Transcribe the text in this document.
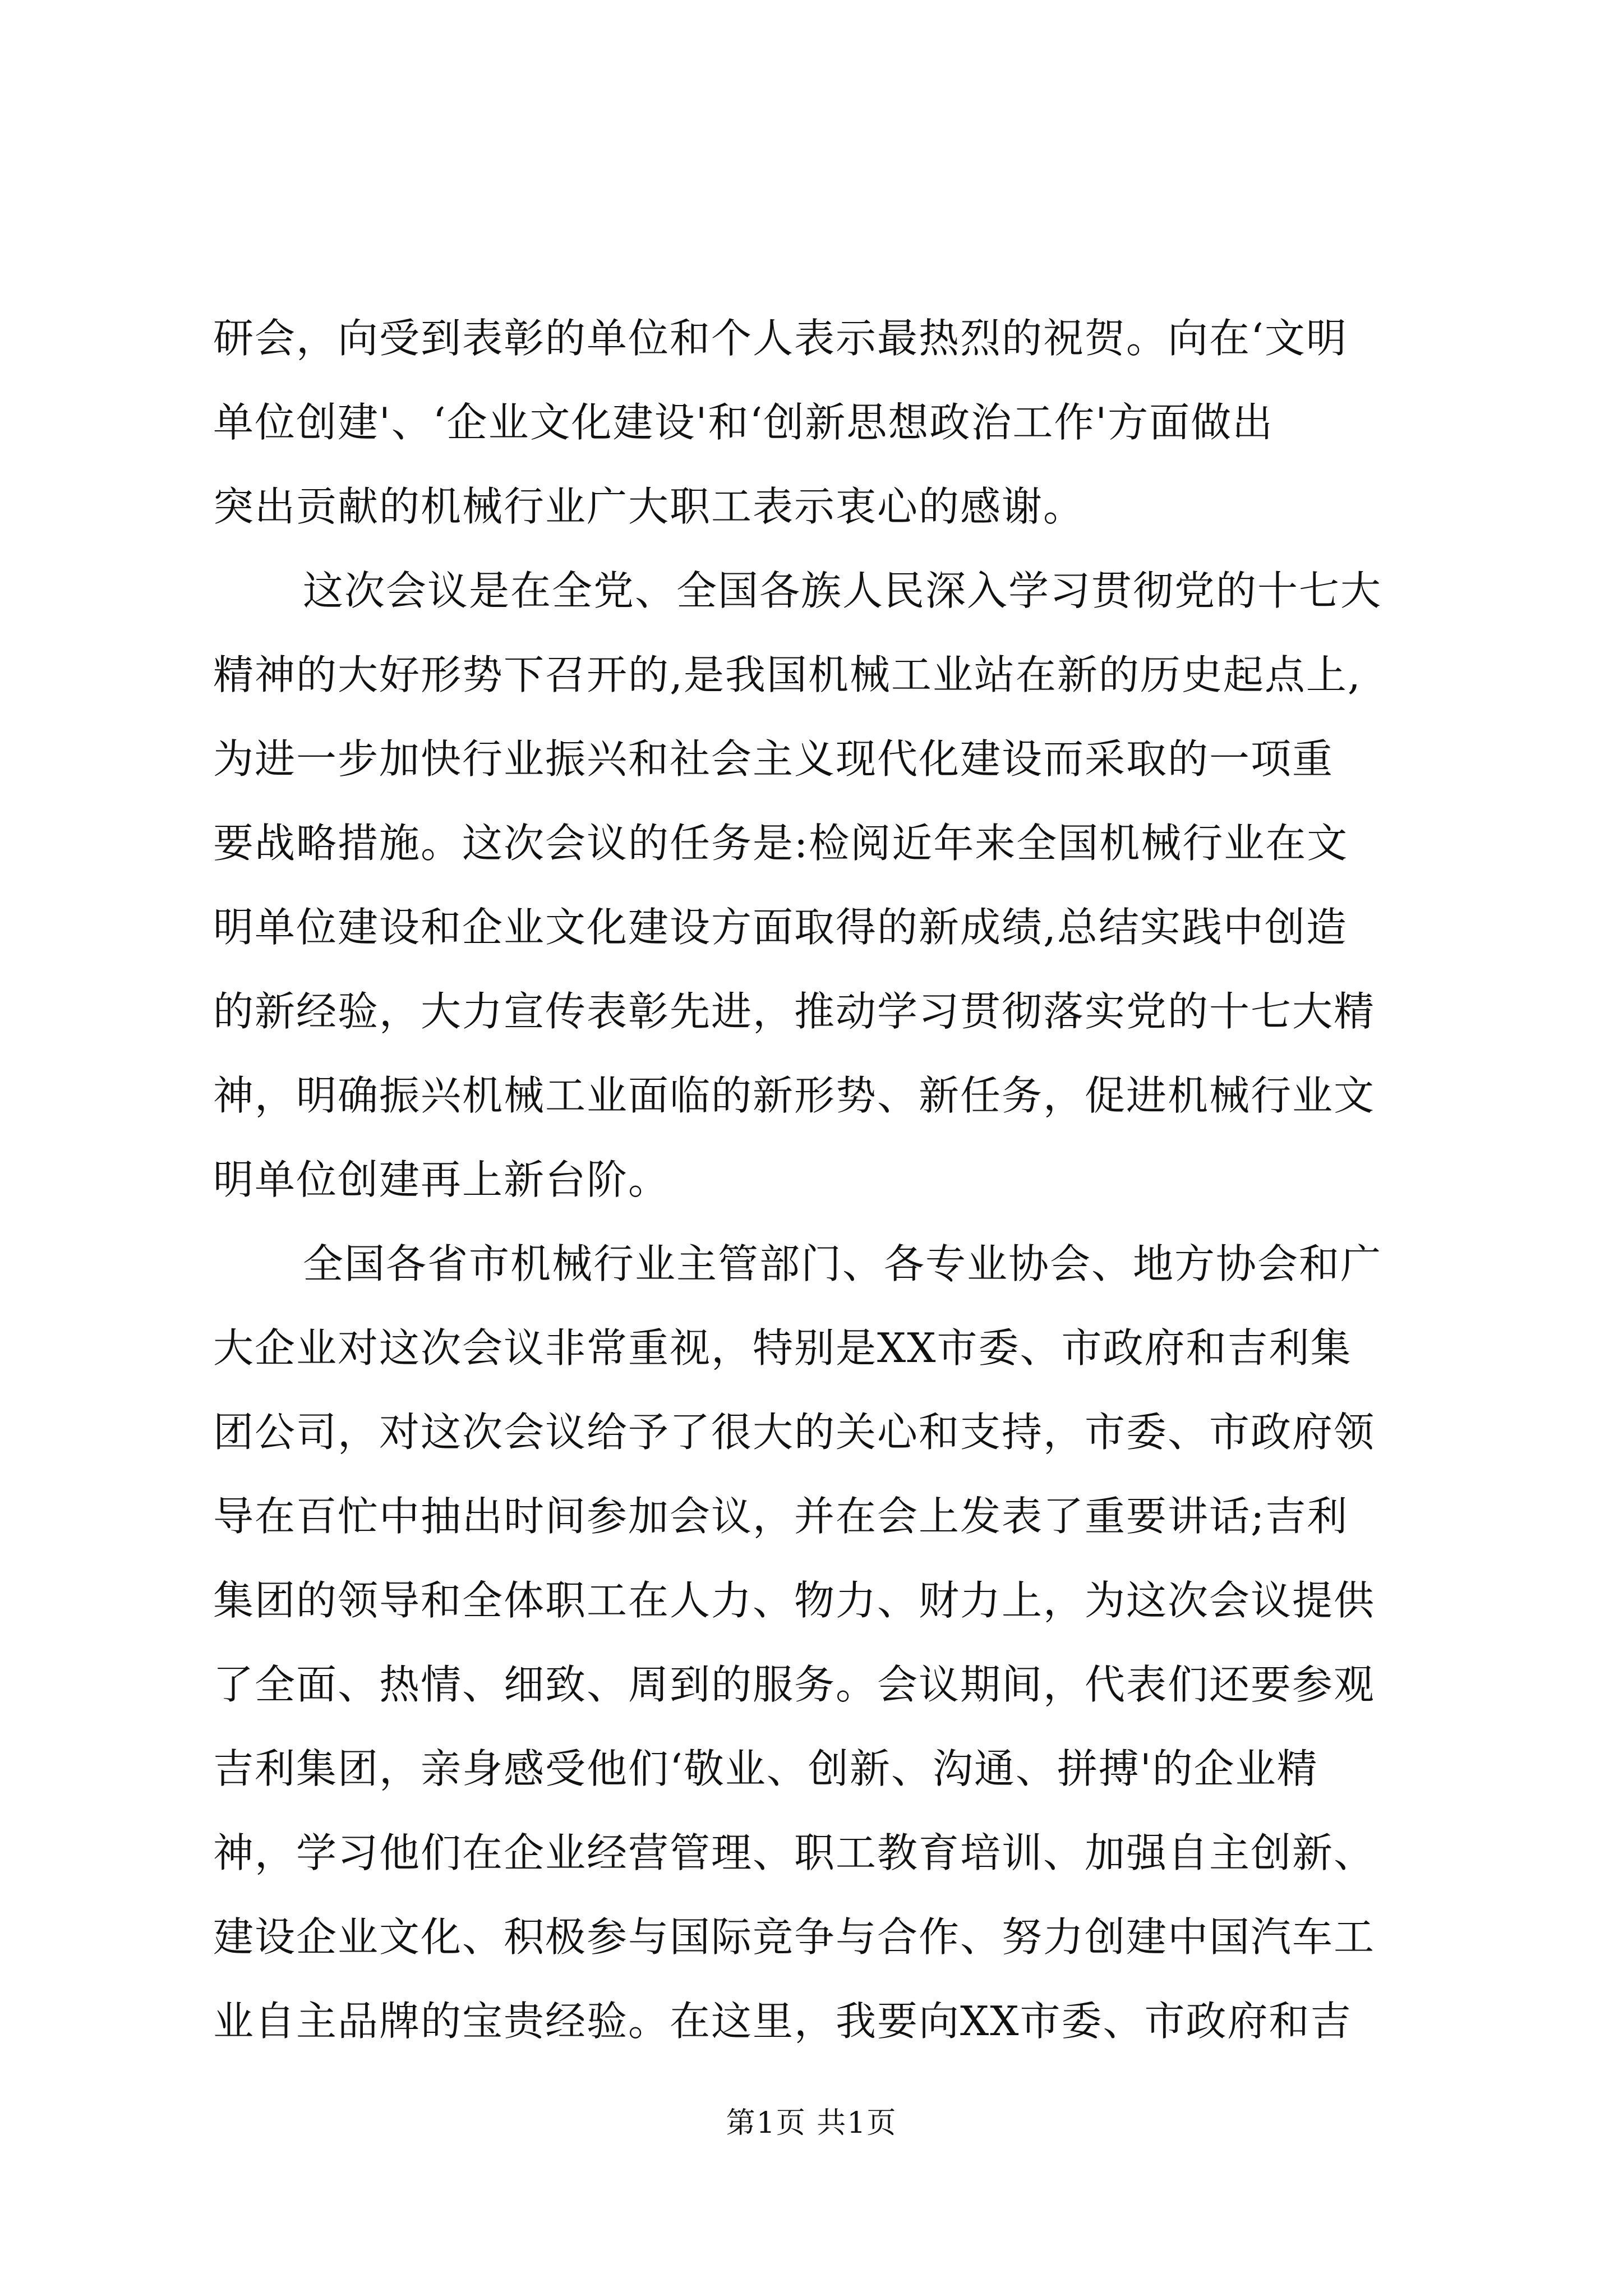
研会，向受到表彰的单位和个人表示最热烈的祝贺。向在‘文明
单位创建'、‘企业文化建设'和‘创新思想政治工作'方面做出
突出贡献的机械行业广大职工表示衷心的感谢。
这次会议是在全党、全国各族人民深入学习贯彻党的十七大
精神的大好形势下召开的,是我国机械工业站在新的历史起点上,
为进一步加快行业振兴和社会主义现代化建设而采取的一项重
要战略措施。这次会议的任务是:检阅近年来全国机械行业在文
明单位建设和企业文化建设方面取得的新成绩,总结实践中创造
的新经验，大力宣传表彰先进，推动学习贯彻落实党的十七大精
神，明确振兴机械工业面临的新形势、新任务，促进机械行业文
明单位创建再上新台阶。
全国各省市机械行业主管部门、各专业协会、地方协会和广
大企业对这次会议非常重视，特别是XX市委、市政府和吉利集
团公司，对这次会议给予了很大的关心和支持，市委、市政府领
导在百忙中抽出时间参加会议，并在会上发表了重要讲话;吉利
集团的领导和全体职工在人力、物力、财力上，为这次会议提供
了全面、热情、细致、周到的服务。会议期间，代表们还要参观
吉利集团，亲身感受他们‘敬业、创新、沟通、拼搏'的企业精
神，学习他们在企业经营管理、职工教育培训、加强自主创新、
建设企业文化、积极参与国际竞争与合作、努力创建中国汽车工
业自主品牌的宝贵经验。在这里，我要向XX市委、市政府和吉
第1页 共1页
